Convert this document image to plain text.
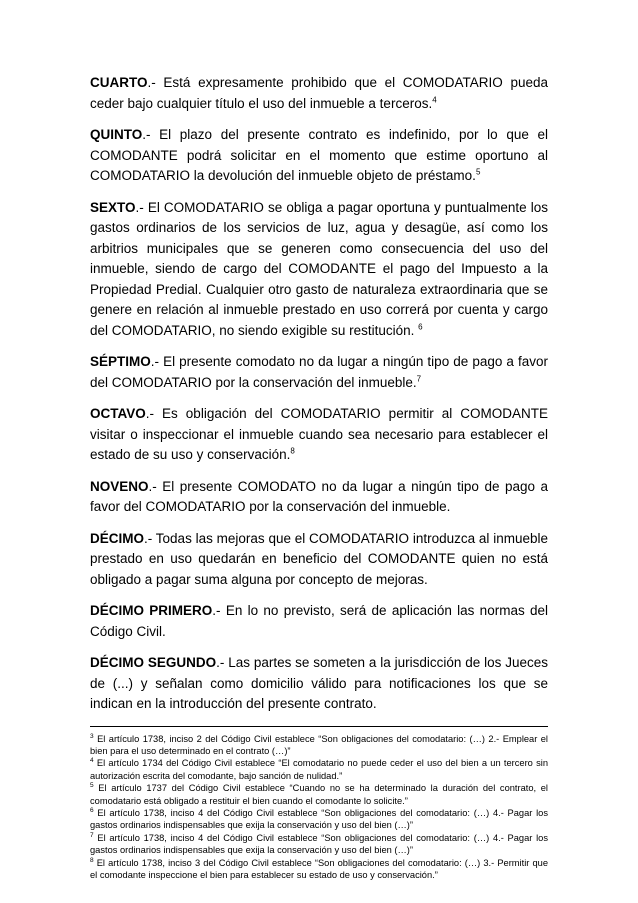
CUARTO.- Está expresamente prohibido que el COMODATARIO pueda ceder bajo cualquier título el uso del inmueble a terceros.$^4$

QUINTO.- El plazo del presente contrato es indefinido, por lo que el COMODANTE podrá solicitar en el momento que estime oportuno al COMODATARIO la devolución del inmueble objeto de préstamo.$^5$

SEXTO.- El COMODATARIO se obliga a pagar oportuna y puntualmente los gastos ordinarios de los servicios de luz, agua y desagüe, así como los arbitrios municipales que se generen como consecuencia del uso del inmueble, siendo de cargo del COMODANTE el pago del Impuesto a la Propiedad Predial. Cualquier otro gasto de naturaleza extraordinaria que se genere en relación al inmueble prestado en uso correrá por cuenta y cargo del COMODATARIO, no siendo exigible su restitución. $^6$

SÉPTIMO.- El presente comodato no da lugar a ningún tipo de pago a favor del COMODATARIO por la conservación del inmueble.$^7$

OCTAVO.- Es obligación del COMODATARIO permitir al COMODANTE visitar o inspeccionar el inmueble cuando sea necesario para establecer el estado de su uso y conservación.$^8$

NOVENO.- El presente COMODATO no da lugar a ningún tipo de pago a favor del COMODATARIO por la conservación del inmueble.

DÉCIMO.- Todas las mejoras que el COMODATARIO introduzca al inmueble prestado en uso quedarán en beneficio del COMODANTE quien no está obligado a pagar suma alguna por concepto de mejoras.

DÉCIMO PRIMERO.- En lo no previsto, será de aplicación las normas del Código Civil.

DÉCIMO SEGUNDO.- Las partes se someten a la jurisdicción de los Jueces de (...) y señalan como domicilio válido para notificaciones los que se indican en la introducción del presente contrato.

$^3$ El artículo 1738, inciso 2 del Código Civil establece “Son obligaciones del comodatario: (…) 2.- Emplear el bien para el uso determinado en el contrato (…)”

$^4$ El artículo 1734 del Código Civil establece “El comodatario no puede ceder el uso del bien a un tercero sin autorización escrita del comodante, bajo sanción de nulidad.”

$^5$ El artículo 1737 del Código Civil establece “Cuando no se ha determinado la duración del contrato, el comodatario está obligado a restituir el bien cuando el comodante lo solicite.”

$^6$ El artículo 1738, inciso 4 del Código Civil establece “Son obligaciones del comodatario: (…) 4.- Pagar los gastos ordinarios indispensables que exija la conservación y uso del bien (…)”

$^7$ El artículo 1738, inciso 4 del Código Civil establece “Son obligaciones del comodatario: (…) 4.- Pagar los gastos ordinarios indispensables que exija la conservación y uso del bien (…)”

$^8$ El artículo 1738, inciso 3 del Código Civil establece “Son obligaciones del comodatario: (…) 3.- Permitir que el comodante inspeccione el bien para establecer su estado de uso y conservación.”
